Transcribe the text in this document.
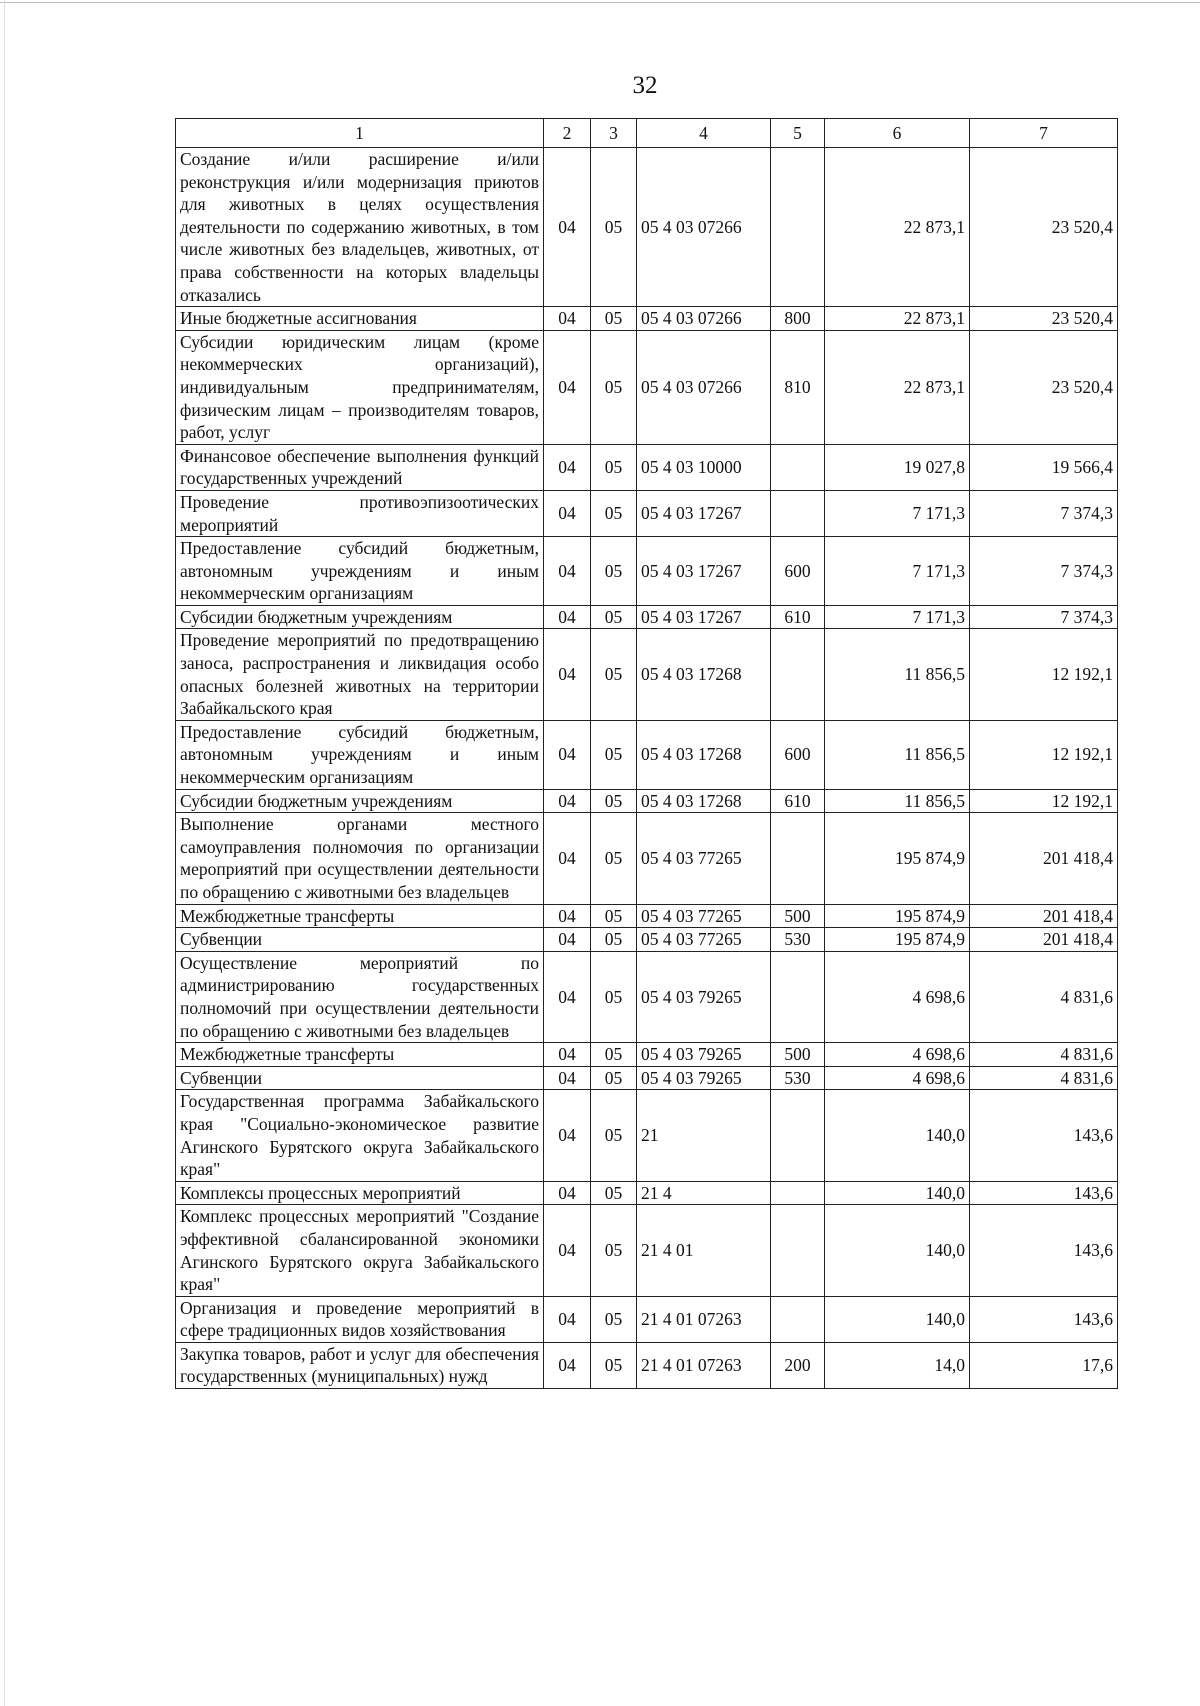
32
1	2	3	4	5	6	7
Создание и/или расширение и/или реконструкция и/или модернизация приютов для животных в целях осуществления деятельности по содержанию животных, в том числе животных без владельцев, животных, от права собственности на которых владельцы отказались	04	05	05 4 03 07266		22 873,1	23 520,4
Иные бюджетные ассигнования	04	05	05 4 03 07266	800	22 873,1	23 520,4
Субсидии юридическим лицам (кроме некоммерческих организаций), индивидуальным предпринимателям, физическим лицам – производителям товаров, работ, услуг	04	05	05 4 03 07266	810	22 873,1	23 520,4
Финансовое обеспечение выполнения функций государственных учреждений	04	05	05 4 03 10000		19 027,8	19 566,4
Проведение противоэпизоотических мероприятий	04	05	05 4 03 17267		7 171,3	7 374,3
Предоставление субсидий бюджетным, автономным учреждениям и иным некоммерческим организациям	04	05	05 4 03 17267	600	7 171,3	7 374,3
Субсидии бюджетным учреждениям	04	05	05 4 03 17267	610	7 171,3	7 374,3
Проведение мероприятий по предотвращению заноса, распространения и ликвидация особо опасных болезней животных на территории Забайкальского края	04	05	05 4 03 17268		11 856,5	12 192,1
Предоставление субсидий бюджетным, автономным учреждениям и иным некоммерческим организациям	04	05	05 4 03 17268	600	11 856,5	12 192,1
Субсидии бюджетным учреждениям	04	05	05 4 03 17268	610	11 856,5	12 192,1
Выполнение органами местного самоуправления полномочия по организации мероприятий при осуществлении деятельности по обращению с животными без владельцев	04	05	05 4 03 77265		195 874,9	201 418,4
Межбюджетные трансферты	04	05	05 4 03 77265	500	195 874,9	201 418,4
Субвенции	04	05	05 4 03 77265	530	195 874,9	201 418,4
Осуществление мероприятий по администрированию государственных полномочий при осуществлении деятельности по обращению с животными без владельцев	04	05	05 4 03 79265		4 698,6	4 831,6
Межбюджетные трансферты	04	05	05 4 03 79265	500	4 698,6	4 831,6
Субвенции	04	05	05 4 03 79265	530	4 698,6	4 831,6
Государственная программа Забайкальского края "Социально-экономическое развитие Агинского Бурятского округа Забайкальского края"	04	05	21		140,0	143,6
Комплексы процессных мероприятий	04	05	21 4		140,0	143,6
Комплекс процессных мероприятий "Создание эффективной сбалансированной экономики Агинского Бурятского округа Забайкальского края"	04	05	21 4 01		140,0	143,6
Организация и проведение мероприятий в сфере традиционных видов хозяйствования	04	05	21 4 01 07263		140,0	143,6
Закупка товаров, работ и услуг для обеспечения государственных (муниципальных) нужд	04	05	21 4 01 07263	200	14,0	17,6
